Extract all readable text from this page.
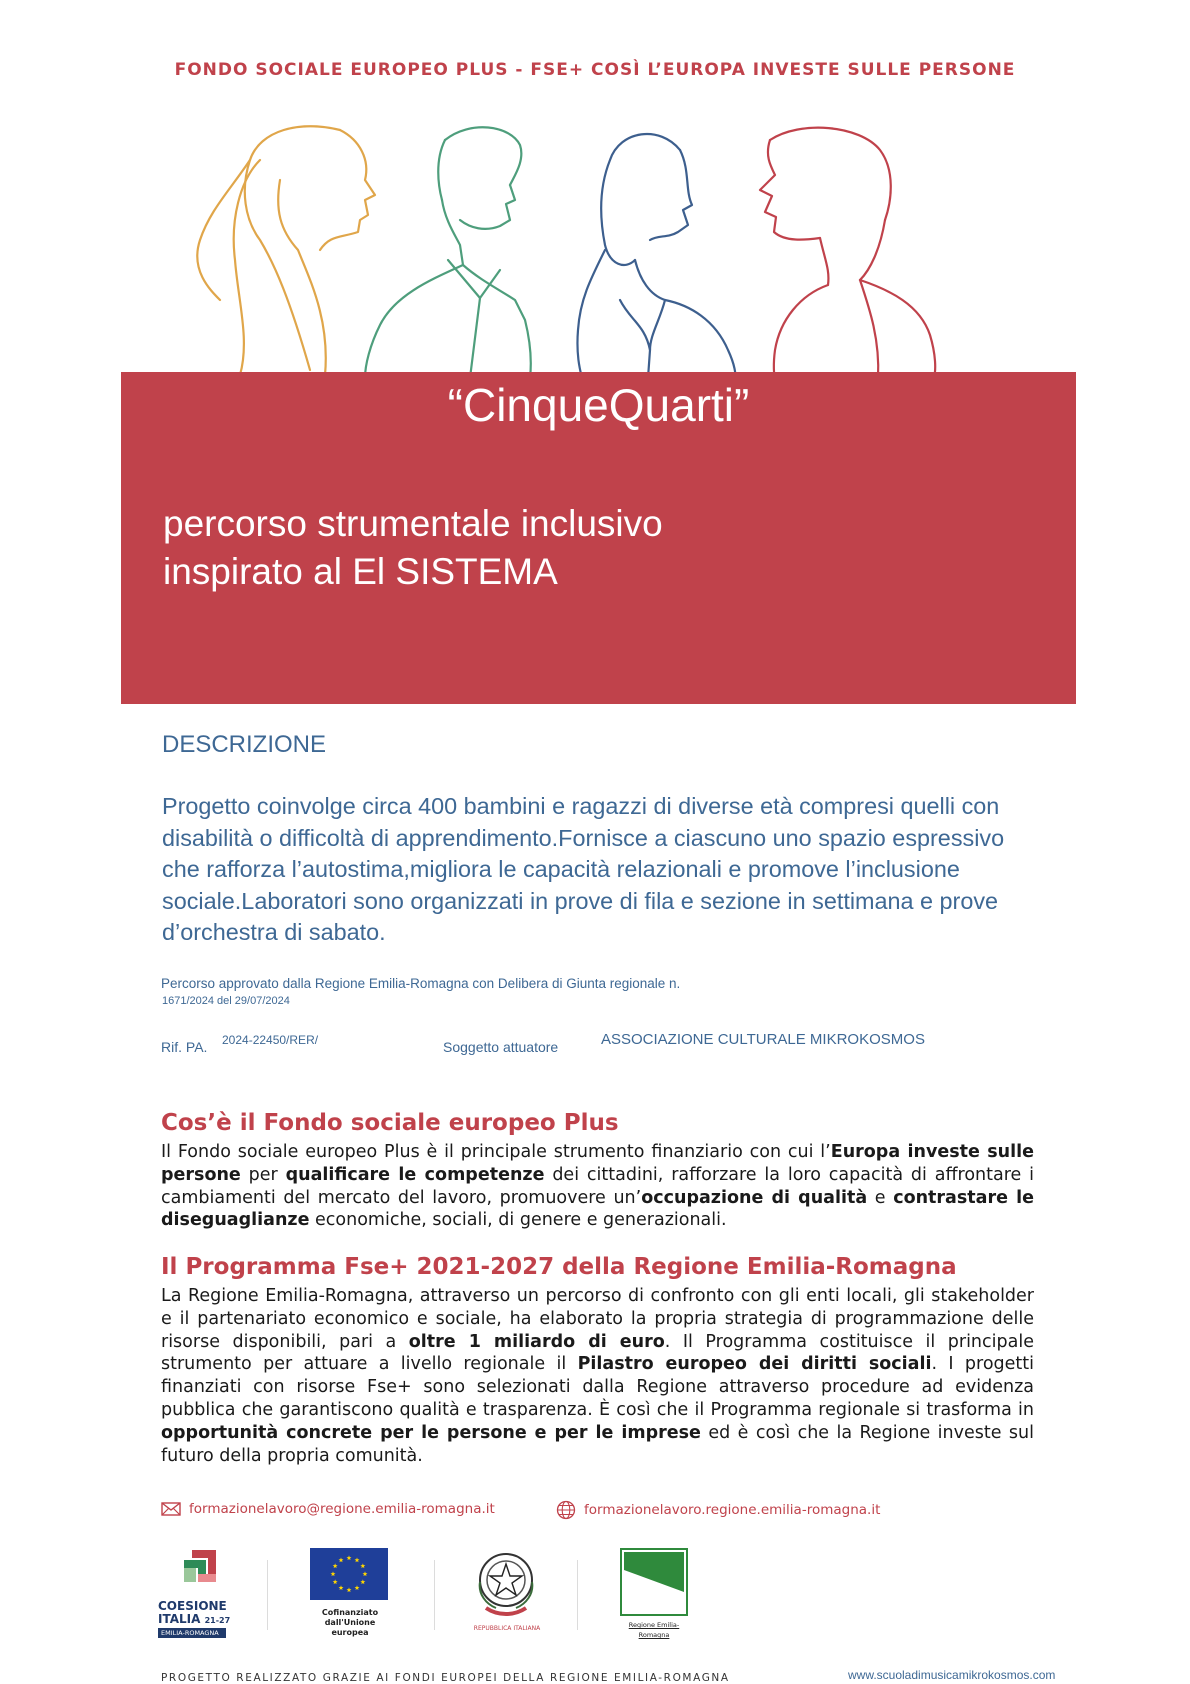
FONDO SOCIALE EUROPEO PLUS - FSE+ COSÌ L’EUROPA INVESTE SULLE PERSONE
“CinqueQuarti”
percorso strumentale inclusivo
inspirato al El SISTEMA
DESCRIZIONE
Progetto coinvolge circa 400 bambini e ragazzi di diverse età compresi quelli con disabilità o difficoltà di apprendimento.Fornisce a ciascuno uno spazio espressivo che rafforza l’autostima,migliora le capacità relazionali e promove l’inclusione sociale.Laboratori sono organizzati in prove di fila e sezione in settimana e prove d’orchestra di sabato.
Percorso approvato dalla Regione Emilia-Romagna con Delibera di Giunta regionale n.
1671/2024 del 29/07/2024
Rif. PA. 2024-22450/RER/	Soggetto attuatore	ASSOCIAZIONE CULTURALE MIKROKOSMOS
Cos’è il Fondo sociale europeo Plus
Il Fondo sociale europeo Plus è il principale strumento finanziario con cui l’Europa investe sulle persone per qualificare le competenze dei cittadini, rafforzare la loro capacità di affrontare i cambiamenti del mercato del lavoro, promuovere un’occupazione di qualità e contrastare le diseguaglianze economiche, sociali, di genere e generazionali.
Il Programma Fse+ 2021-2027 della Regione Emilia-Romagna
La Regione Emilia-Romagna, attraverso un percorso di confronto con gli enti locali, gli stakeholder e il partenariato economico e sociale, ha elaborato la propria strategia di programmazione delle risorse disponibili, pari a oltre 1 miliardo di euro. Il Programma costituisce il principale strumento per attuare a livello regionale il Pilastro europeo dei diritti sociali. I progetti finanziati con risorse Fse+ sono selezionati dalla Regione attraverso procedure ad evidenza pubblica che garantiscono qualità e trasparenza. È così che il Programma regionale si trasforma in opportunità concrete per le persone e per le imprese ed è così che la Regione investe sul futuro della propria comunità.
formazionelavoro@regione.emilia-romagna.it	formazionelavoro.regione.emilia-romagna.it
COESIONE
ITALIA 21-27
EMILIA-ROMAGNA
Cofinanziato
dall'Unione europea	REPUBBLICA ITALIANA	Regione Emilia-Romagna
PROGETTO REALIZZATO GRAZIE AI FONDI EUROPEI DELLA REGIONE EMILIA-ROMAGNA	www.scuoladimusicamikrokosmos.com
